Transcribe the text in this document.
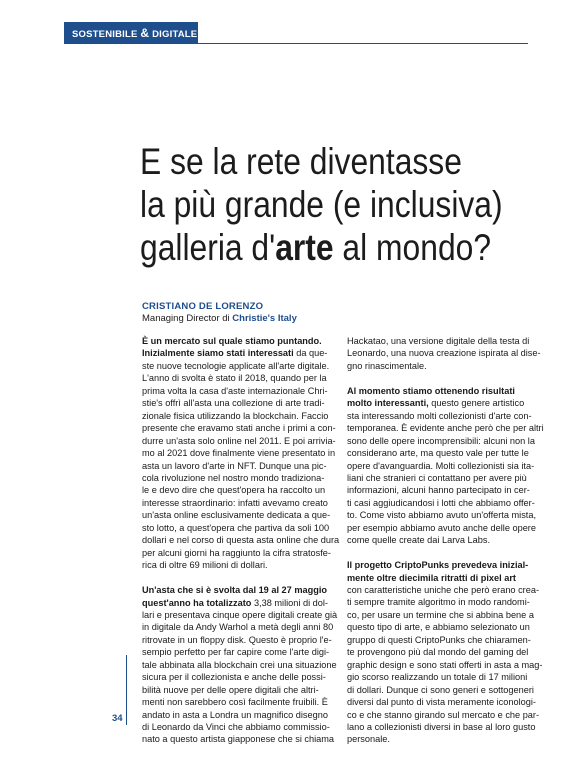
SOSTENIBILE & DIGITALE
E se la rete diventasse
la più grande (e inclusiva)
galleria d'arte al mondo?
CRISTIANO DE LORENZO
Managing Director di Christie's Italy

È un mercato sul quale stiamo puntando.
Inizialmente siamo stati interessati da que-
ste nuove tecnologie applicate all'arte digitale.
L'anno di svolta è stato il 2018, quando per la
prima volta la casa d'aste internazionale Chri-
stie's offrì all'asta una collezione di arte tradi-
zionale fisica utilizzando la blockchain. Faccio
presente che eravamo stati anche i primi a con-
durre un'asta solo online nel 2011. E poi arrivia-
mo al 2021 dove finalmente viene presentato in
asta un lavoro d'arte in NFT. Dunque una pic-
cola rivoluzione nel nostro mondo tradiziona-
le e devo dire che quest'opera ha raccolto un
interesse straordinario: infatti avevamo creato
un'asta online esclusivamente dedicata a que-
sto lotto, a quest'opera che partiva da soli 100
dollari e nel corso di questa asta online che dura
per alcuni giorni ha raggiunto la cifra stratosfe-
rica di oltre 69 milioni di dollari.

Un'asta che si è svolta dal 19 al 27 maggio
quest'anno ha totalizzato 3,38 milioni di dol-
lari e presentava cinque opere digitali create già
in digitale da Andy Warhol a metà degli anni 80
ritrovate in un floppy disk. Questo è proprio l'e-
sempio perfetto per far capire come l'arte digi-
tale abbinata alla blockchain crei una situazione
sicura per il collezionista e anche delle possi-
bilità nuove per delle opere digitali che altri-
menti non sarebbero così facilmente fruibili. È
andato in asta a Londra un magnifico disegno
di Leonardo da Vinci che abbiamo commissio-
nato a questo artista giapponese che si chiama

Hackatao, una versione digitale della testa di
Leonardo, una nuova creazione ispirata al dise-
gno rinascimentale.

Al momento stiamo ottenendo risultati
molto interessanti, questo genere artistico
sta interessando molti collezionisti d'arte con-
temporanea. È evidente anche però che per altri
sono delle opere incomprensibili: alcuni non la
considerano arte, ma questo vale per tutte le
opere d'avanguardia. Molti collezionisti sia ita-
liani che stranieri ci contattano per avere più
informazioni, alcuni hanno partecipato in cer-
ti casi aggiudicandosi i lotti che abbiamo offer-
to. Come visto abbiamo avuto un'offerta mista,
per esempio abbiamo avuto anche delle opere
come quelle create dai Larva Labs.

Il progetto CriptoPunks prevedeva inizial-
mente oltre diecimila ritratti di pixel art
con caratteristiche uniche che però erano crea-
ti sempre tramite algoritmo in modo randomi-
co, per usare un termine che si abbina bene a
questo tipo di arte, e abbiamo selezionato un
gruppo di questi CriptoPunks che chiaramen-
te provengono più dal mondo del gaming del
graphic design e sono stati offerti in asta a mag-
gio scorso realizzando un totale di 17 milioni
di dollari. Dunque ci sono generi e sottogeneri
diversi dal punto di vista meramente iconologi-
co e che stanno girando sul mercato e che par-
lano a collezionisti diversi in base al loro gusto
personale.

34
